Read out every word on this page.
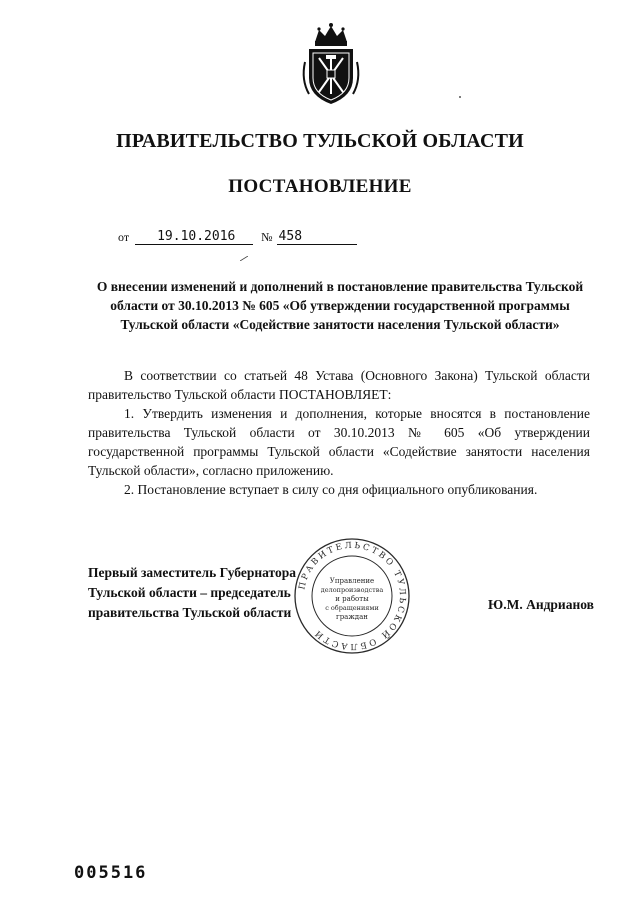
ПРАВИТЕЛЬСТВО ТУЛЬСКОЙ ОБЛАСТИ
ПОСТАНОВЛЕНИЕ
от	19.10.2016	№ 458
О внесении изменений и дополнений в постановление правительства Тульской области от 30.10.2013 № 605 «Об утверждении государственной программы Тульской области «Содействие занятости населения Тульской области»

В соответствии со статьей 48 Устава (Основного Закона) Тульской области правительство Тульской области ПОСТАНОВЛЯЕТ:

1. Утвердить изменения и дополнения, которые вносятся в постановление правительства Тульской области от 30.10.2013 № 605 «Об утверждении государственной программы Тульской области «Содействие занятости населения Тульской области», согласно приложению.

2. Постановление вступает в силу со дня официального опубликования.

Первый заместитель Губернатора
Тульской области – председатель
правительства Тульской области
Ю.М. Андрианов
ПРАВИТЕЛЬСТВО ТУЛЬСКОЙ ОБЛАСТИ
Управление
делопроизводства
и работы
с обращениями
граждан
005516
